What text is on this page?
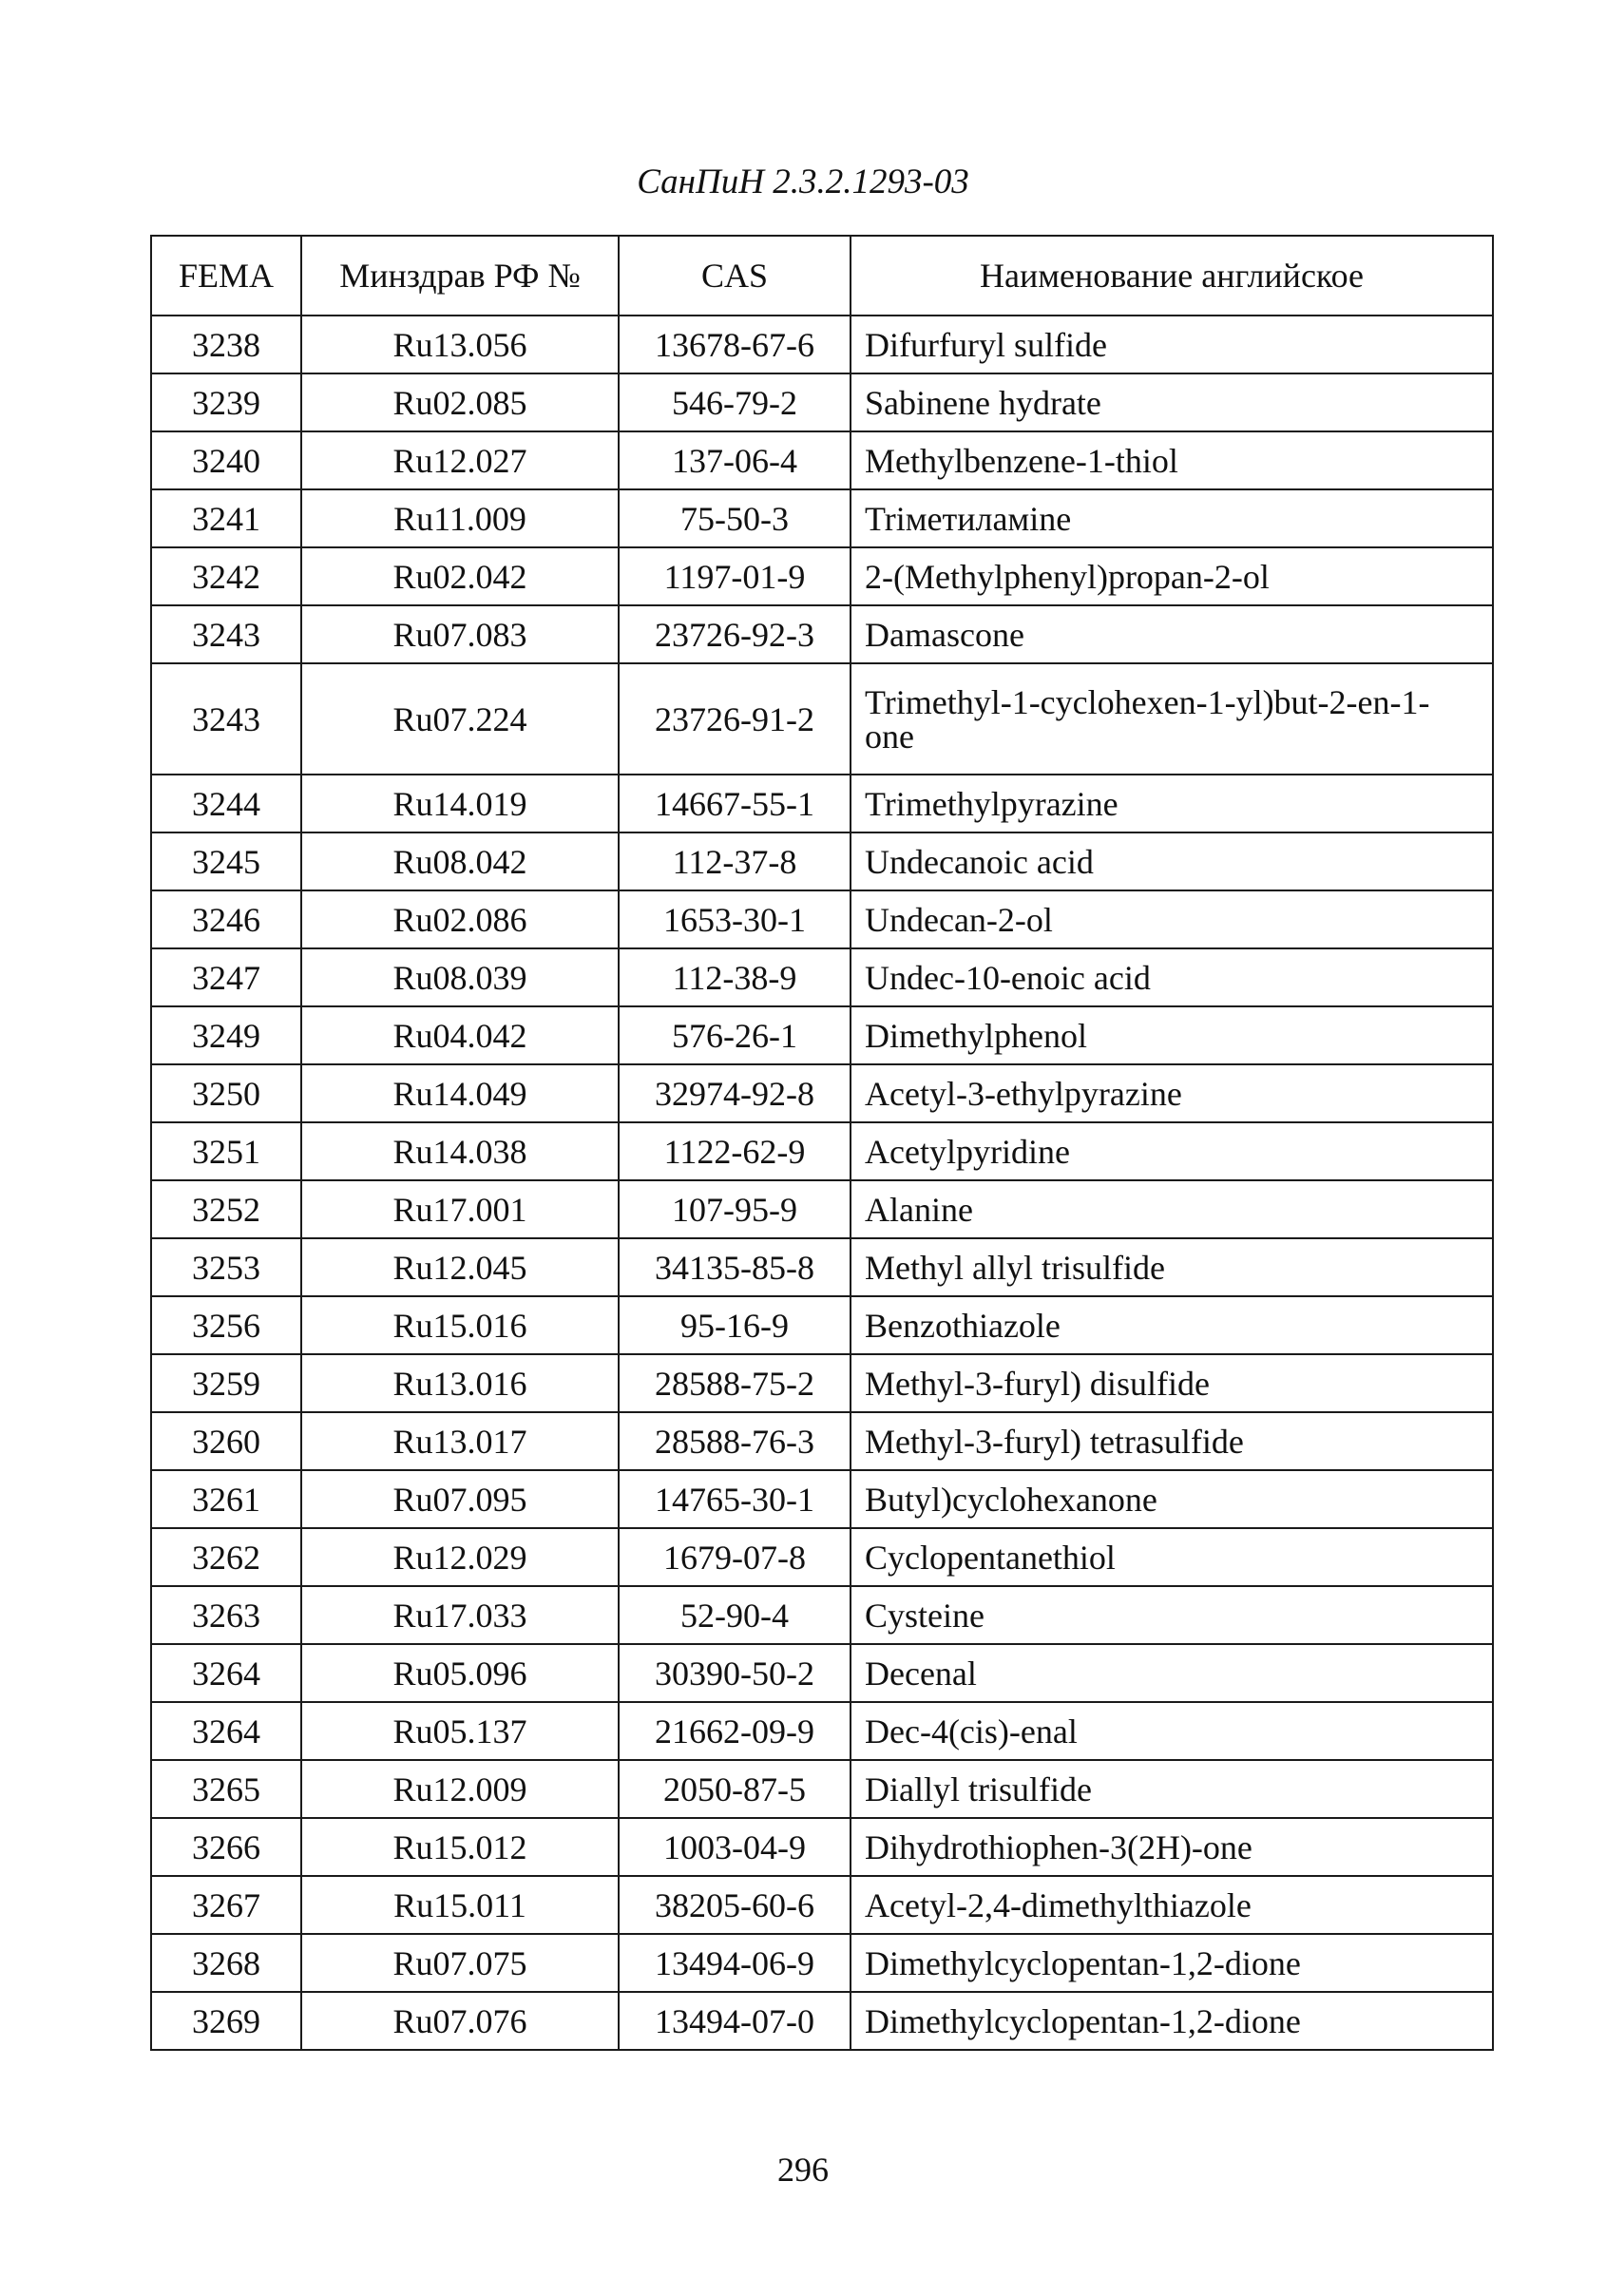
СанПиН 2.3.2.1293-03
FEMA	Минздрав РФ №	CAS	Наименование английское
3238	Ru13.056	13678-67-6	Difurfuryl sulfide
3239	Ru02.085	546-79-2	Sabinene hydrate
3240	Ru12.027	137-06-4	Methylbenzene-1-thiol
3241	Ru11.009	75-50-3	Trіметиламіne
3242	Ru02.042	1197-01-9	2-(Methylphenyl)propan-2-ol
3243	Ru07.083	23726-92-3	Damascone
3243	Ru07.224	23726-91-2	Trimethyl-1-cyclohexen-1-yl)but-2-en-1-one
3244	Ru14.019	14667-55-1	Trimethylpyrazine
3245	Ru08.042	112-37-8	Undecanoic acid
3246	Ru02.086	1653-30-1	Undecan-2-ol
3247	Ru08.039	112-38-9	Undec-10-enoic acid
3249	Ru04.042	576-26-1	Dimethylphenol
3250	Ru14.049	32974-92-8	Acetyl-3-ethylpyrazine
3251	Ru14.038	1122-62-9	Acetylpyridine
3252	Ru17.001	107-95-9	Alanine
3253	Ru12.045	34135-85-8	Methyl allyl trisulfide
3256	Ru15.016	95-16-9	Benzothiazole
3259	Ru13.016	28588-75-2	Methyl-3-furyl) disulfide
3260	Ru13.017	28588-76-3	Methyl-3-furyl) tetrasulfide
3261	Ru07.095	14765-30-1	Butyl)cyclohexanone
3262	Ru12.029	1679-07-8	Cyclopentanethiol
3263	Ru17.033	52-90-4	Cysteine
3264	Ru05.096	30390-50-2	Decenal
3264	Ru05.137	21662-09-9	Dec-4(cis)-enal
3265	Ru12.009	2050-87-5	Diallyl trisulfide
3266	Ru15.012	1003-04-9	Dihydrothiophen-3(2H)-one
3267	Ru15.011	38205-60-6	Acetyl-2,4-dimethylthiazole
3268	Ru07.075	13494-06-9	Dimethylcyclopentan-1,2-dione
3269	Ru07.076	13494-07-0	Dimethylcyclopentan-1,2-dione
296
